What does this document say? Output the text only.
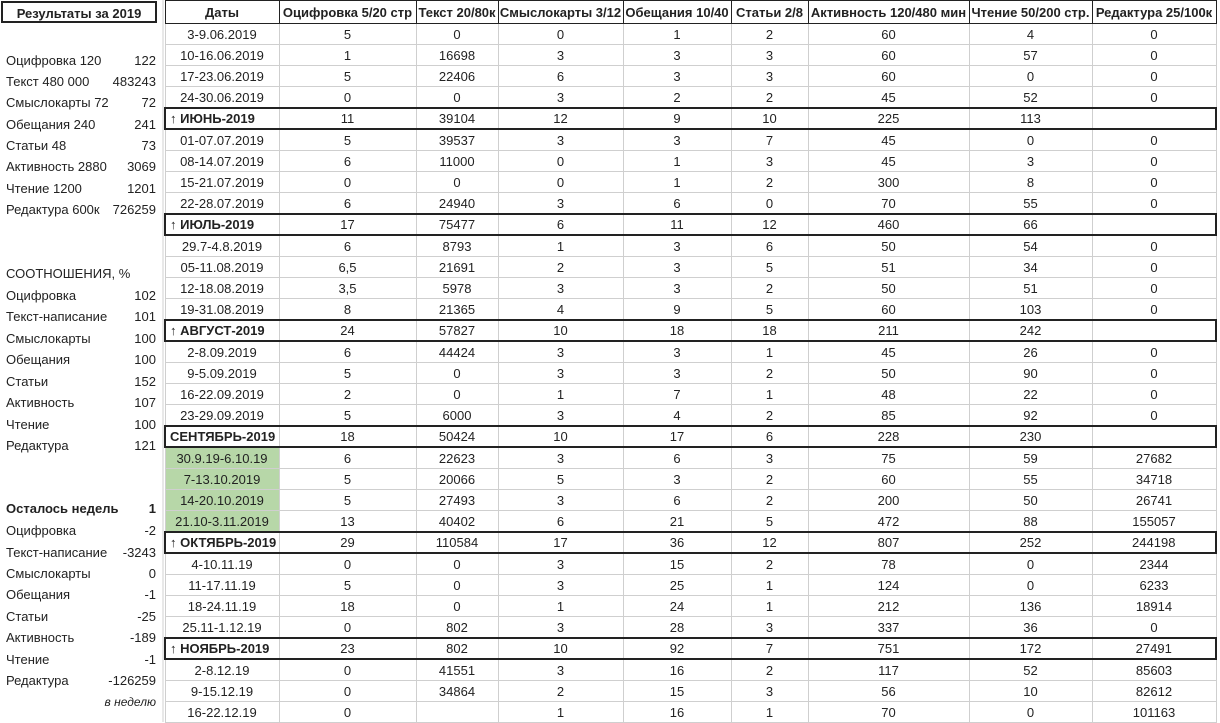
Результаты за 2019
Оцифровка 120	122
Текст 480 000 483243
Смыслокарты 72	72
Обещания 240	241
Статьи 48	73
Активность 2880 3069
Чтение 1200	1201
Редактура 600к 726259
СООТНОШЕНИЯ, %
Оцифровка	102
Текст-написание 101
Смыслокарты	100
Обещания	100
Статьи	152
Активность	107
Чтение	100
Редактура	121
Осталось недель 1
Оцифровка	-2
Текст-написание -3243
Смыслокарты	0
Обещания	-1
Статьи	-25
Активность	-189
Чтение	-1
Редактура	-126259
в неделю
Даты	Оцифровка 5/20 стр	Текст 20/80к	Смыслокарты 3/12	Обещания 10/40	Статьи 2/8	Активность 120/480 мин	Чтение 50/200 стр.	Редактура 25/100к
3-9.06.2019	5	0	0	1	2	60	4	0
10-16.06.2019	1	16698	3	3	3	60	57	0
17-23.06.2019	5	22406	6	3	3	60	0	0
24-30.06.2019	0	0	3	2	2	45	52	0
↑ ИЮНЬ-2019	11	39104	12	9	10	225	113	
01-07.07.2019	5	39537	3	3	7	45	0	0
08-14.07.2019	6	11000	0	1	3	45	3	0
15-21.07.2019	0	0	0	1	2	300	8	0
22-28.07.2019	6	24940	3	6	0	70	55	0
↑ ИЮЛЬ-2019	17	75477	6	11	12	460	66	
29.7-4.8.2019	6	8793	1	3	6	50	54	0
05-11.08.2019	6,5	21691	2	3	5	51	34	0
12-18.08.2019	3,5	5978	3	3	2	50	51	0
19-31.08.2019	8	21365	4	9	5	60	103	0
↑ АВГУСТ-2019	24	57827	10	18	18	211	242	
2-8.09.2019	6	44424	3	3	1	45	26	0
9-5.09.2019	5	0	3	3	2	50	90	0
16-22.09.2019	2	0	1	7	1	48	22	0
23-29.09.2019	5	6000	3	4	2	85	92	0
СЕНТЯБРЬ-2019	18	50424	10	17	6	228	230	
30.9.19-6.10.19	6	22623	3	6	3	75	59	27682
7-13.10.2019	5	20066	5	3	2	60	55	34718
14-20.10.2019	5	27493	3	6	2	200	50	26741
21.10-3.11.2019	13	40402	6	21	5	472	88	155057
↑ ОКТЯБРЬ-2019	29	110584	17	36	12	807	252	244198
4-10.11.19	0	0	3	15	2	78	0	2344
11-17.11.19	5	0	3	25	1	124	0	6233
18-24.11.19	18	0	1	24	1	212	136	18914
25.11-1.12.19	0	802	3	28	3	337	36	0
↑ НОЯБРЬ-2019	23	802	10	92	7	751	172	27491
2-8.12.19	0	41551	3	16	2	117	52	85603
9-15.12.19	0	34864	2	15	3	56	10	82612
16-22.12.19	0		1	16	1	70	0	101163
